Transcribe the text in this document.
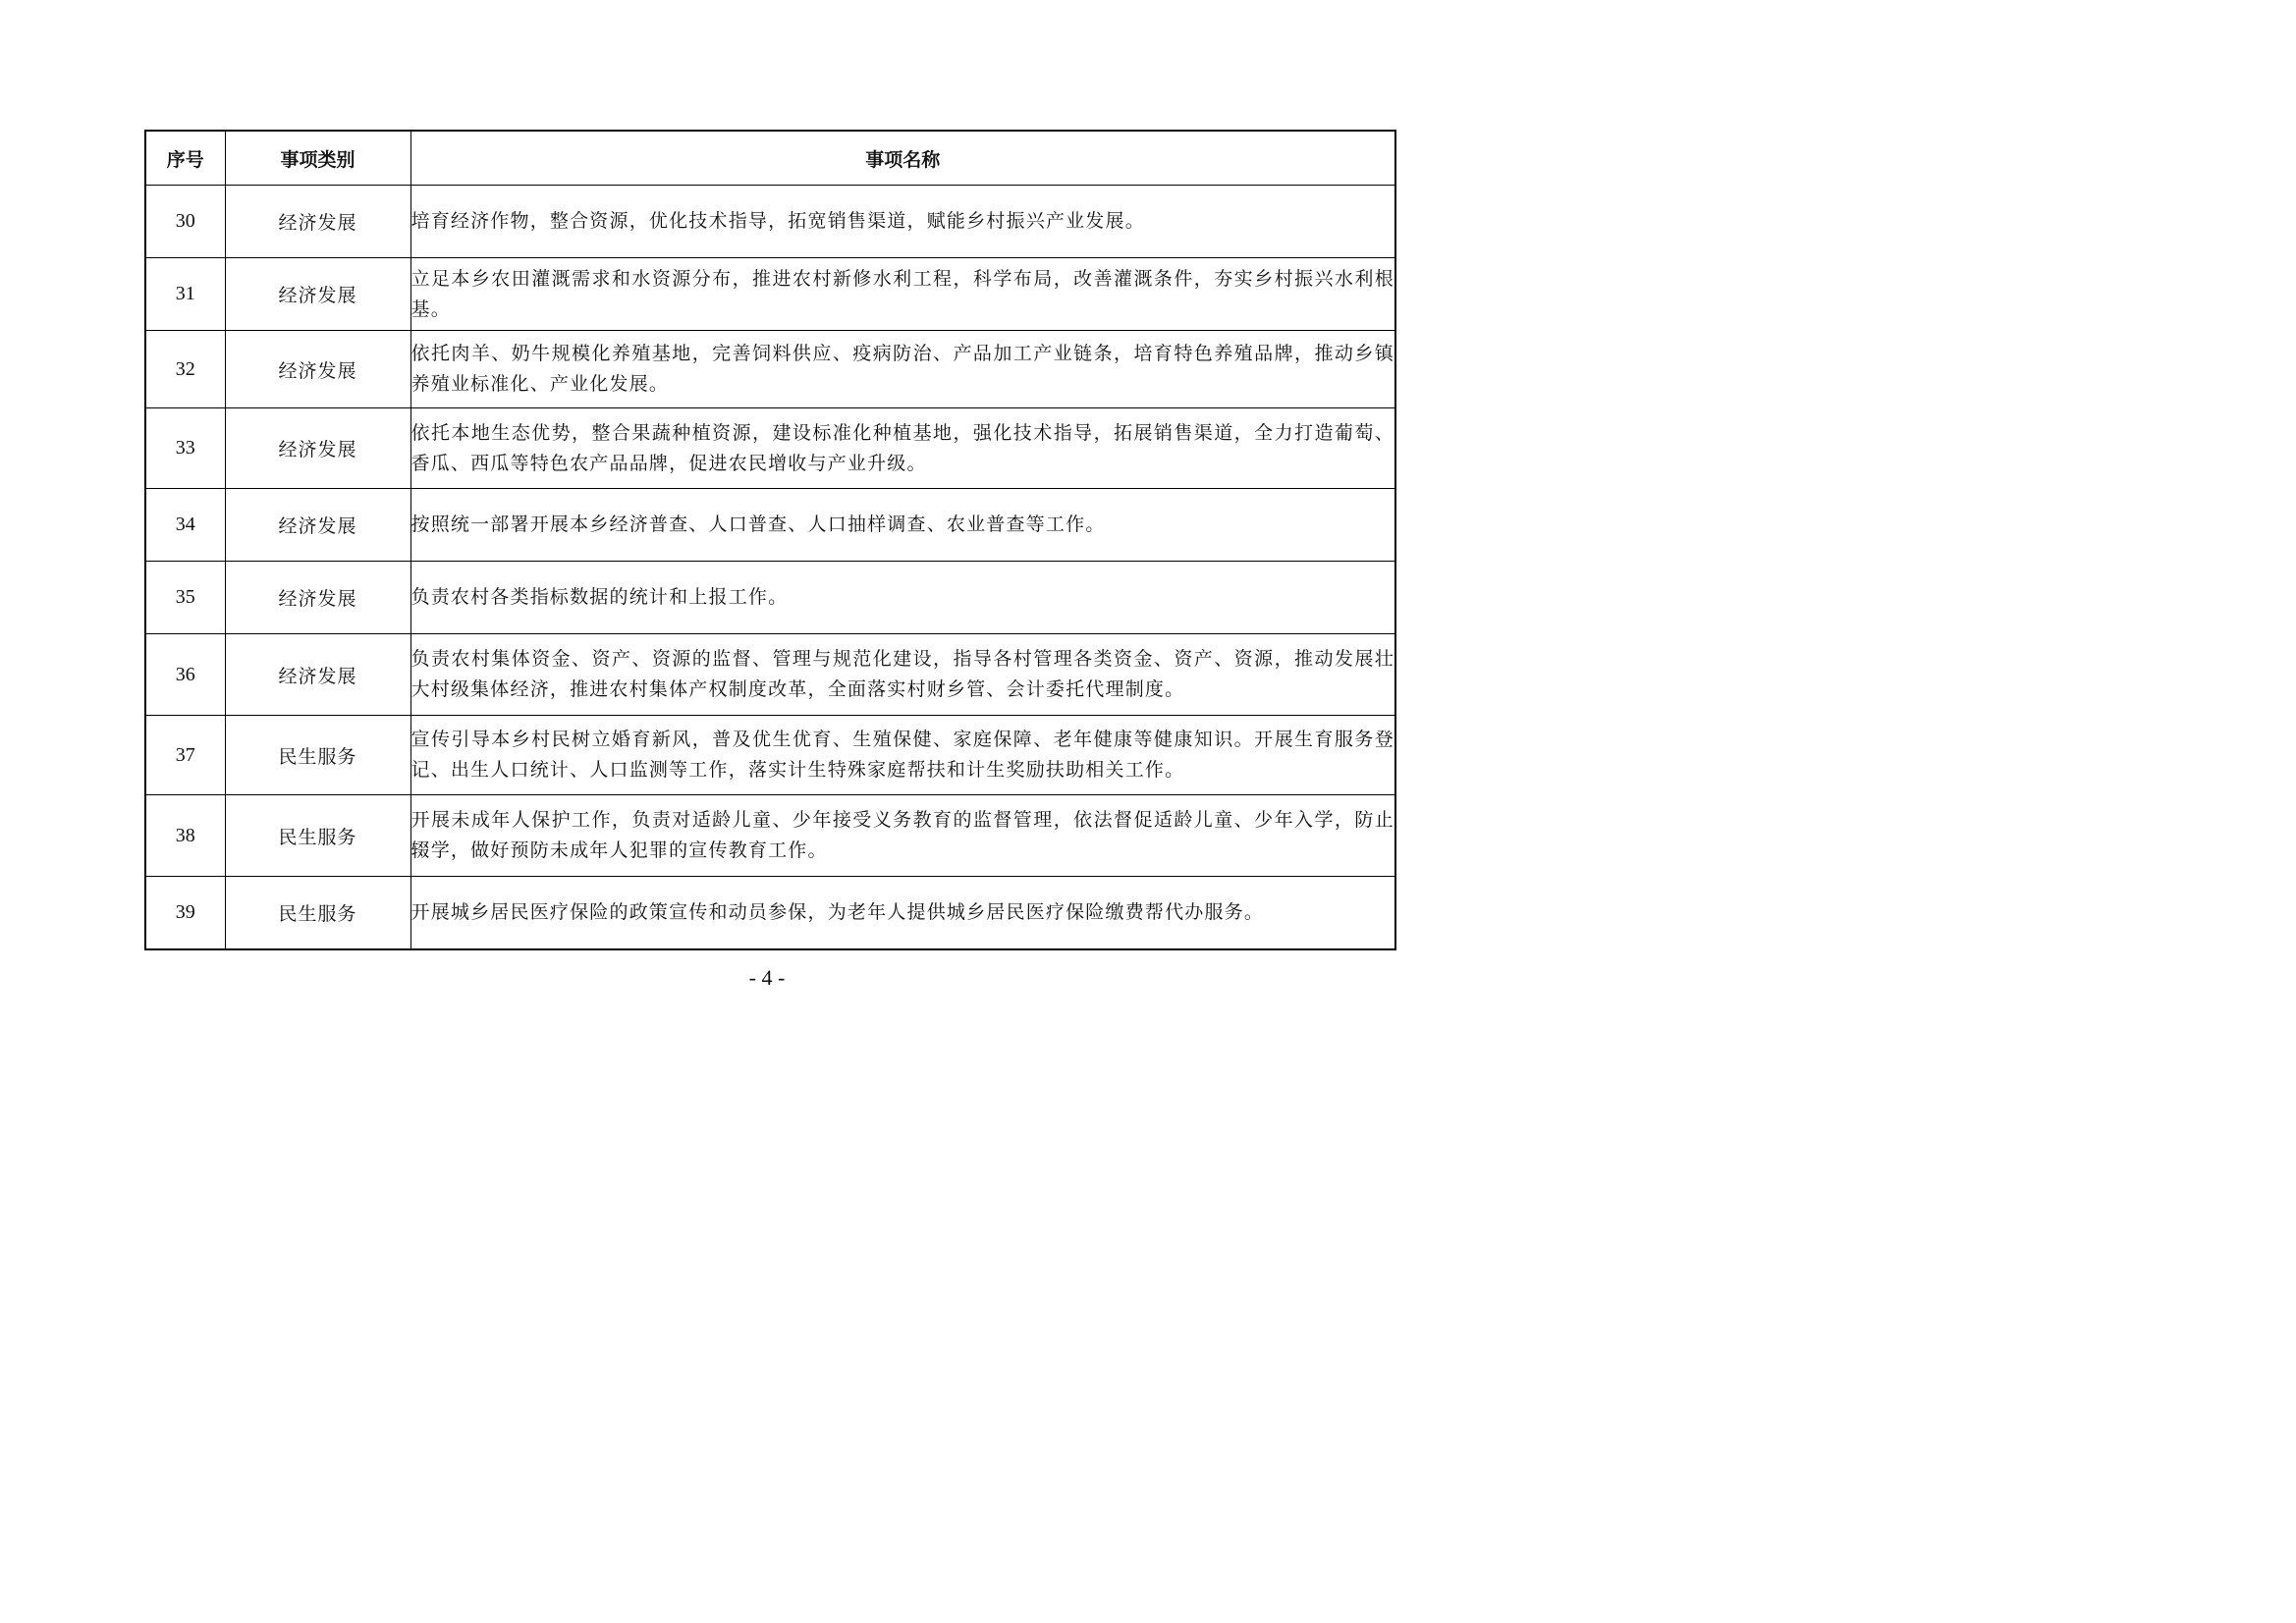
序号	事项类别	事项名称
30	经济发展	培育经济作物，整合资源，优化技术指导，拓宽销售渠道，赋能乡村振兴产业发展。
31	经济发展	立足本乡农田灌溉需求和水资源分布，推进农村新修水利工程，科学布局，改善灌溉条件，夯实乡村振兴水利根基。
32	经济发展	依托肉羊、奶牛规模化养殖基地，完善饲料供应、疫病防治、产品加工产业链条，培育特色养殖品牌，推动乡镇养殖业标准化、产业化发展。
33	经济发展	依托本地生态优势，整合果蔬种植资源，建设标准化种植基地，强化技术指导，拓展销售渠道，全力打造葡萄、香瓜、西瓜等特色农产品品牌，促进农民增收与产业升级。
34	经济发展	按照统一部署开展本乡经济普查、人口普查、人口抽样调查、农业普查等工作。
35	经济发展	负责农村各类指标数据的统计和上报工作。
36	经济发展	负责农村集体资金、资产、资源的监督、管理与规范化建设，指导各村管理各类资金、资产、资源，推动发展壮大村级集体经济，推进农村集体产权制度改革，全面落实村财乡管、会计委托代理制度。
37	民生服务	宣传引导本乡村民树立婚育新风，普及优生优育、生殖保健、家庭保障、老年健康等健康知识。开展生育服务登记、出生人口统计、人口监测等工作，落实计生特殊家庭帮扶和计生奖励扶助相关工作。
38	民生服务	开展未成年人保护工作，负责对适龄儿童、少年接受义务教育的监督管理，依法督促适龄儿童、少年入学，防止辍学，做好预防未成年人犯罪的宣传教育工作。
39	民生服务	开展城乡居民医疗保险的政策宣传和动员参保，为老年人提供城乡居民医疗保险缴费帮代办服务。
- 4 -
